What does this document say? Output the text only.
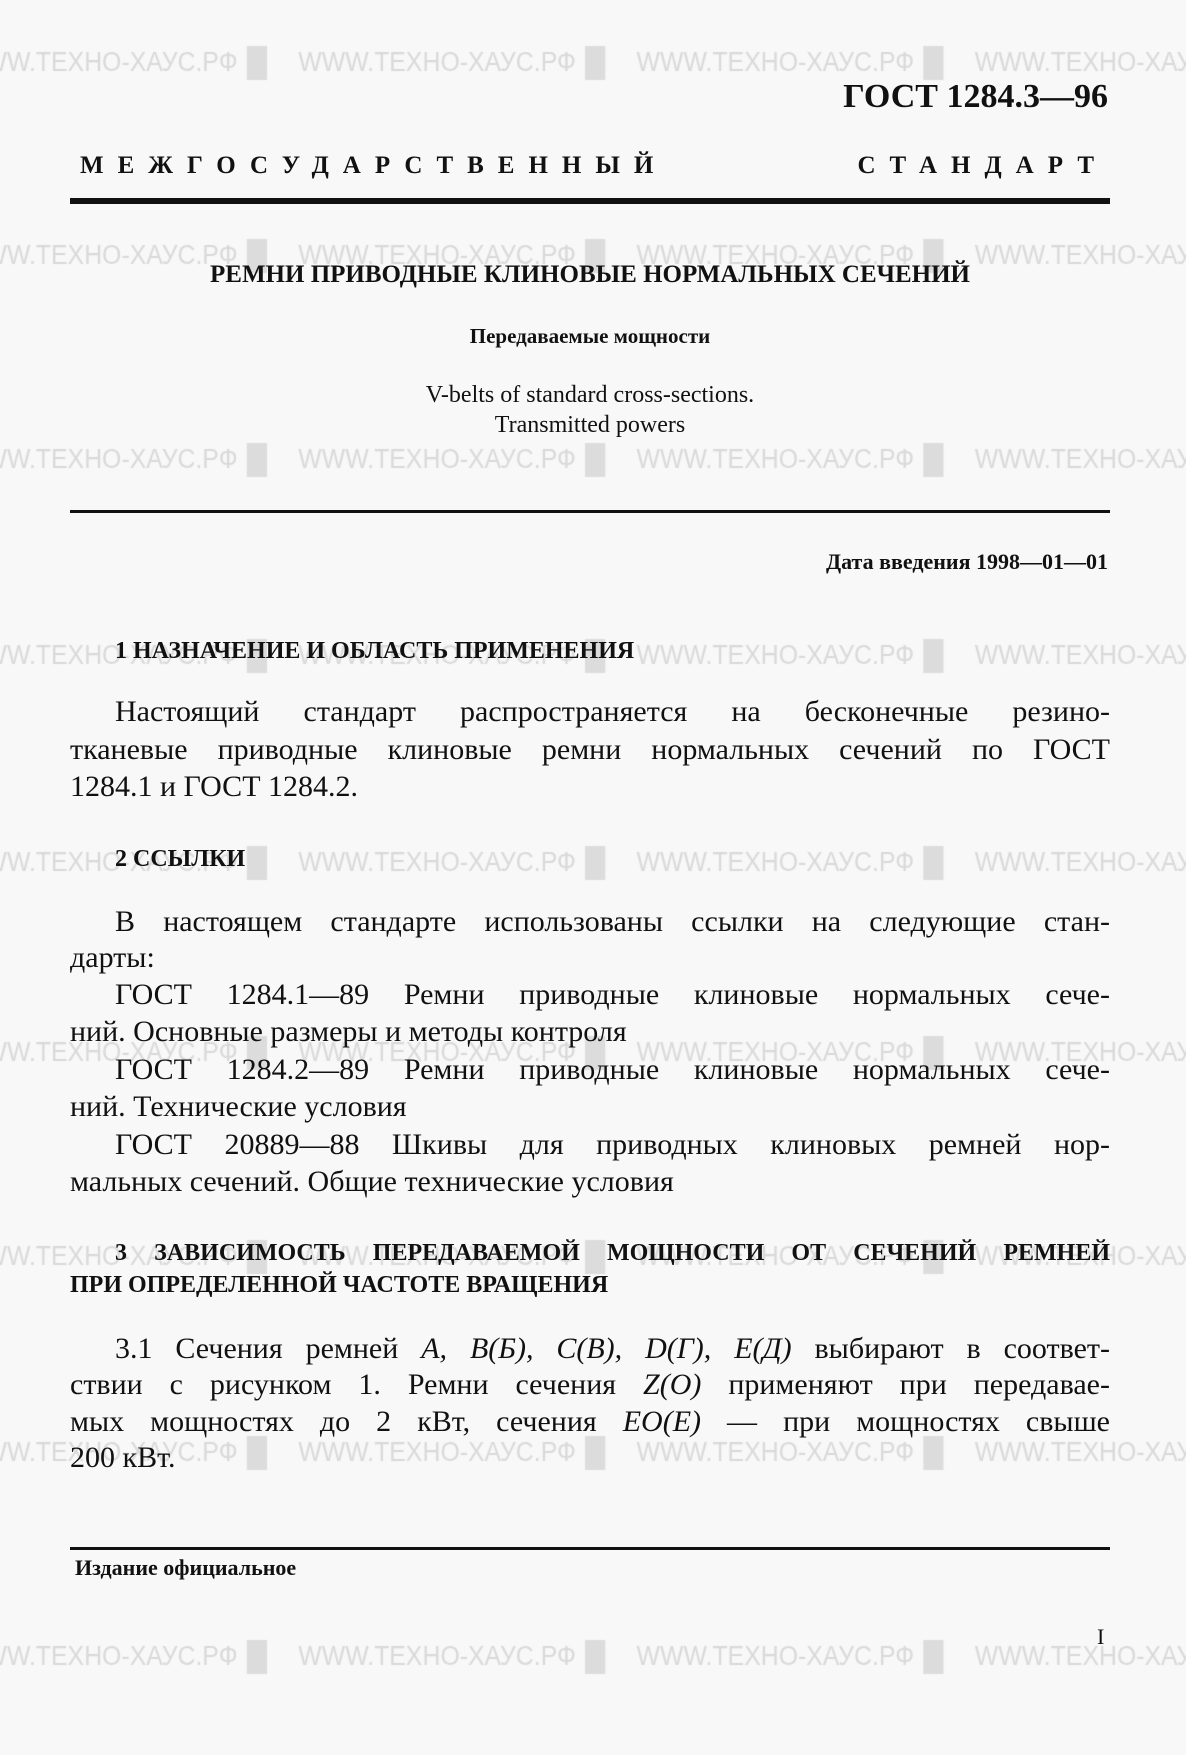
ГОСТ 1284.3—96
МЕЖГОСУДАРСТВЕННЫЙ	СТАНДАРТ
РЕМНИ ПРИВОДНЫЕ КЛИНОВЫЕ НОРМАЛЬНЫХ СЕЧЕНИЙ
Передаваемые мощности
V-belts of standard cross-sections.
Transmitted powers
Дата введения 1998—01—01
1 НАЗНАЧЕНИЕ И ОБЛАСТЬ ПРИМЕНЕНИЯ
Настоящий стандарт распространяется на бесконечные резино-
тканевые приводные клиновые ремни нормальных сечений по ГОСТ
1284.1 и ГОСТ 1284.2.
2 ССЫЛКИ
В настоящем стандарте использованы ссылки на следующие стан-
дарты:
ГОСТ 1284.1—89 Ремни приводные клиновые нормальных сече-
ний. Основные размеры и методы контроля
ГОСТ 1284.2—89 Ремни приводные клиновые нормальных сече-
ний. Технические условия
ГОСТ 20889—88 Шкивы для приводных клиновых ремней нор-
мальных сечений. Общие технические условия
3 ЗАВИСИМОСТЬ ПЕРЕДАВАЕМОЙ МОЩНОСТИ ОТ СЕЧЕНИЙ РЕМНЕЙ
ПРИ ОПРЕДЕЛЕННОЙ ЧАСТОТЕ ВРАЩЕНИЯ
3.1 Сечения ремней A, B(Б), C(B), D(Г), E(Д) выбирают в соответ-
ствии с рисунком 1. Ремни сечения Z(O) применяют при передавае-
мых мощностях до 2 кВт, сечения EO(E) — при мощностях свыше
200 кВт.
Издание официальное
I
